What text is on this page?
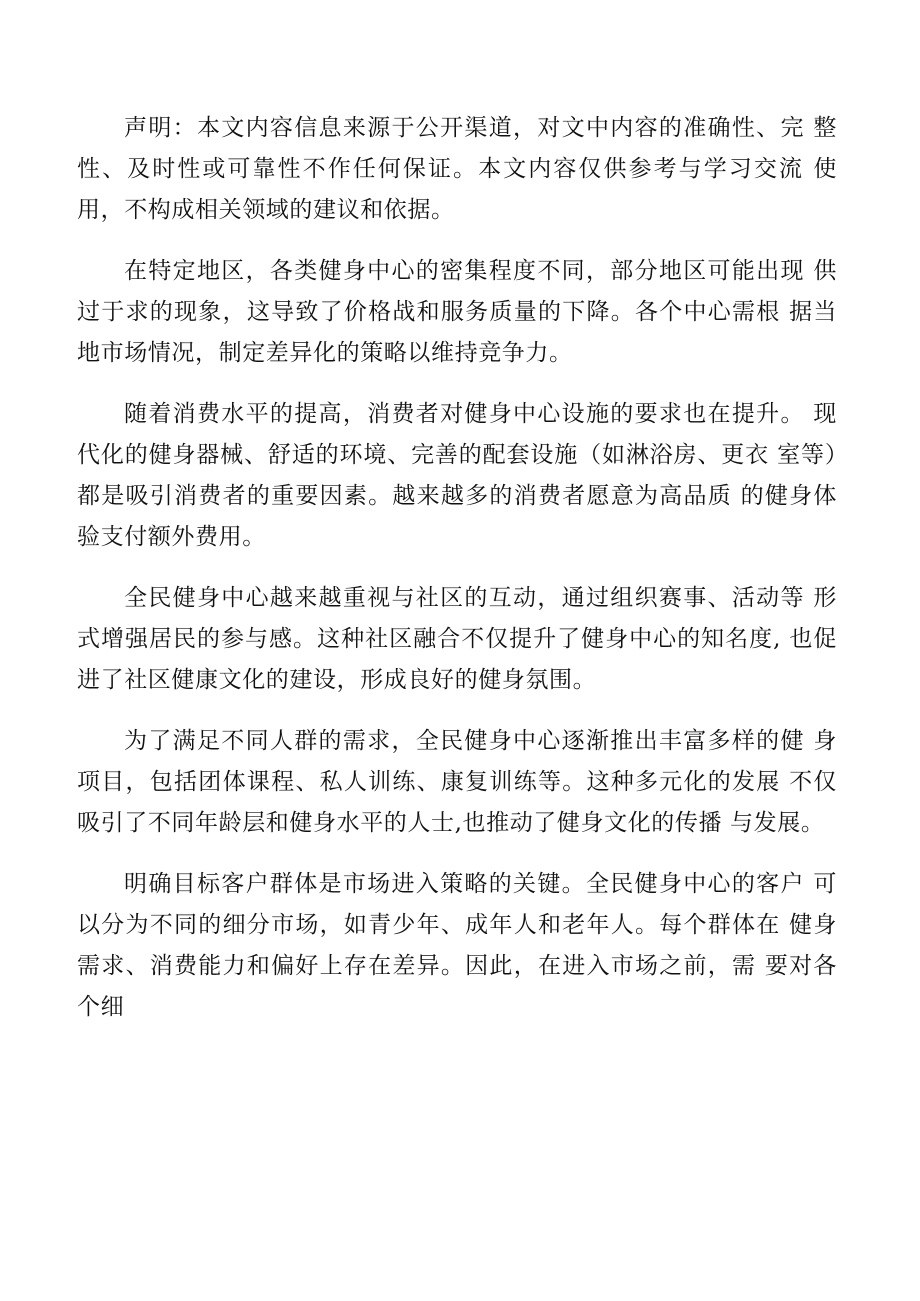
声明：本文内容信息来源于公开渠道，对文中内容的准确性、完 整性、及时性或可靠性不作任何保证。本文内容仅供参考与学习交流 使用，不构成相关领域的建议和依据。

在特定地区，各类健身中心的密集程度不同，部分地区可能出现 供过于求的现象，这导致了价格战和服务质量的下降。各个中心需根 据当地市场情况，制定差异化的策略以维持竞争力。

随着消费水平的提高，消费者对健身中心设施的要求也在提升。 现代化的健身器械、舒适的环境、完善的配套设施（如淋浴房、更衣 室等）都是吸引消费者的重要因素。越来越多的消费者愿意为高品质 的健身体验支付额外费用。

全民健身中心越来越重视与社区的互动，通过组织赛事、活动等 形式增强居民的参与感。这种社区融合不仅提升了健身中心的知名度, 也促进了社区健康文化的建设，形成良好的健身氛围。

为了满足不同人群的需求，全民健身中心逐渐推出丰富多样的健 身项目，包括团体课程、私人训练、康复训练等。这种多元化的发展 不仅吸引了不同年龄层和健身水平的人士,也推动了健身文化的传播 与发展。

明确目标客户群体是市场进入策略的关键。全民健身中心的客户 可以分为不同的细分市场，如青少年、成年人和老年人。每个群体在 健身需求、消费能力和偏好上存在差异。因此，在进入市场之前，需 要对各个细
